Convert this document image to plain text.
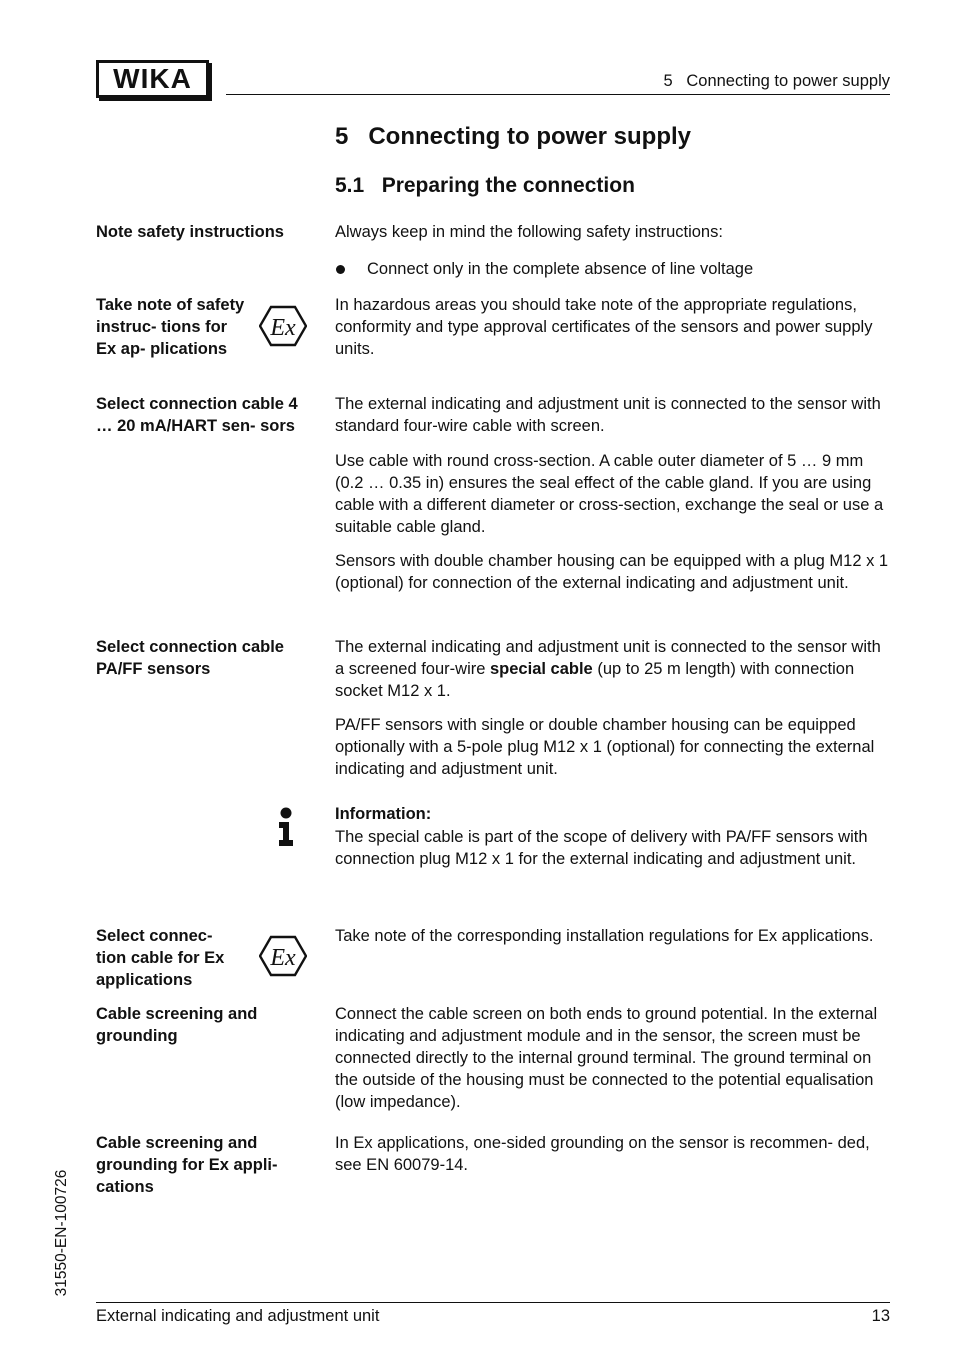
WIKA	5   Connecting to power supply
5   Connecting to power supply
5.1   Preparing the connection
Note safety instructions	Always keep in mind the following safety instructions:
Connect only in the complete absence of line voltage
Take note of safety instruc- tions for Ex ap- plications
Ex
In hazardous areas you should take note of the appropriate regulations, conformity and type approval certificates of the sensors and power supply units.
Select connection cable 4 … 20 mA/HART sen- sors
The external indicating and adjustment unit is connected to the sensor with standard four-wire cable with screen.
Use cable with round cross-section. A cable outer diameter of 5 … 9 mm (0.2 … 0.35 in) ensures the seal effect of the cable gland. If you are using cable with a different diameter or cross-section, exchange the seal or use a suitable cable gland.
Sensors with double chamber housing can be equipped with a plug M12 x 1 (optional) for connection of the external indicating and adjustment unit.
Select connection cable PA/FF sensors
The external indicating and adjustment unit is connected to the sensor with a screened four-wire special cable (up to 25 m length) with connection socket M12 x 1.
PA/FF sensors with single or double chamber housing can be equipped optionally with a 5-pole plug M12 x 1 (optional) for connecting the external indicating and adjustment unit.
Information:
The special cable is part of the scope of delivery with PA/FF sensors with connection plug M12 x 1 for the external indicating and adjustment unit.
Select connec- tion cable for Ex applications
Ex
Take note of the corresponding installation regulations for Ex applications.
Cable screening and grounding
Connect the cable screen on both ends to ground potential. In the external indicating and adjustment module and in the sensor, the screen must be connected directly to the internal ground terminal. The ground terminal on the outside of the housing must be connected to the potential equalisation (low impedance).
Cable screening and grounding for Ex appli- cations
In Ex applications, one-sided grounding on the sensor is recommen- ded, see EN 60079-14.
31550-EN-100726
External indicating and adjustment unit	13
